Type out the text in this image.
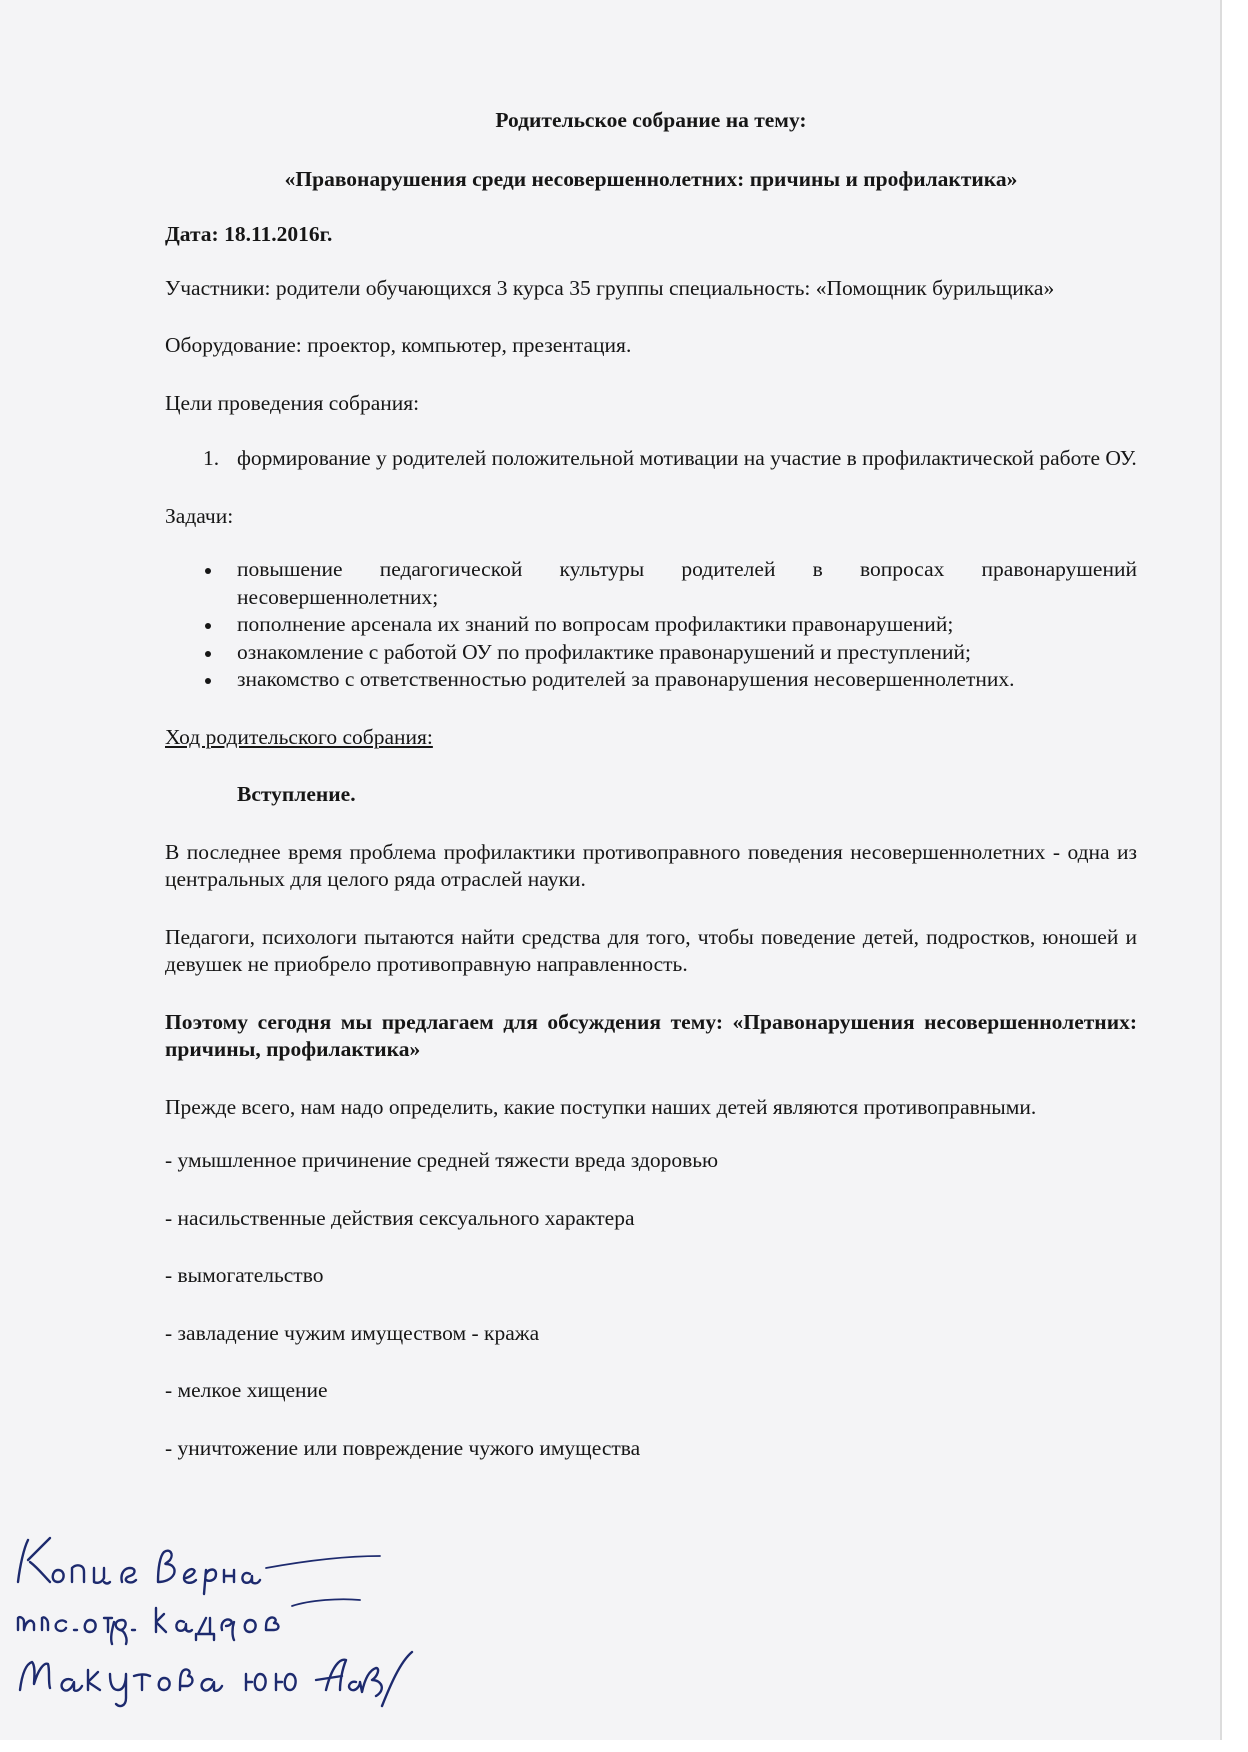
Родительское собрание на тему:

«Правонарушения среди несовершеннолетних: причины и профилактика»

Дата: 18.11.2016г.

Участники: родители обучающихся 3 курса 35 группы специальность: «Помощник бурильщика»

Оборудование: проектор, компьютер, презентация.

Цели проведения собрания:

1. формирование у родителей положительной мотивации на участие в профилактической работе ОУ.

Задачи:

повышение педагогической культуры родителей в вопросах правонарушений несовершеннолетних;
пополнение арсенала их знаний по вопросам профилактики правонарушений;
ознакомление с работой ОУ по профилактике правонарушений и преступлений;
знакомство с ответственностью родителей за правонарушения несовершеннолетних.

Ход родительского собрания:

Вступление.

В последнее время проблема профилактики противоправного поведения несовершеннолетних - одна из центральных для целого ряда отраслей науки.

Педагоги, психологи пытаются найти средства для того, чтобы поведение детей, подростков, юношей и девушек не приобрело противоправную направленность.

Поэтому сегодня мы предлагаем для обсуждения тему: «Правонарушения несовершеннолетних: причины, профилактика»

Прежде всего, нам надо определить, какие поступки наших детей являются противоправными.

- умышленное причинение средней тяжести вреда здоровью

- насильственные действия сексуального характера

- вымогательство

- завладение чужим имуществом - кража

- мелкое хищение

- уничтожение или повреждение чужого имущества
